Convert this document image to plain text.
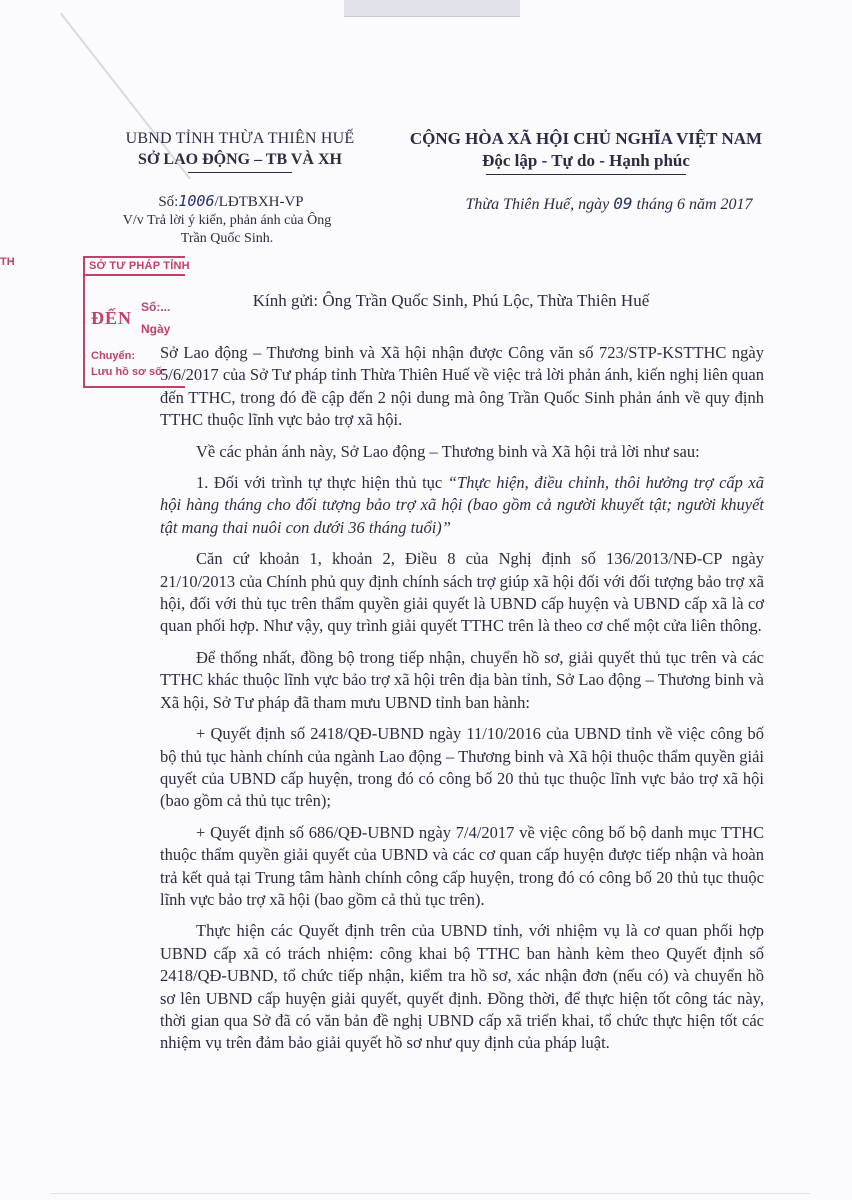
UBND TỈNH THỪA THIÊN HUẾ
SỞ LAO ĐỘNG – TB VÀ XH
CỘNG HÒA XÃ HỘI CHỦ NGHĨA VIỆT NAM
Độc lập - Tự do - Hạnh phúc
Số:1006/LĐTBXH-VP
V/v Trả lời ý kiến, phản ánh của Ông
Trần Quốc Sinh.
Thừa Thiên Huế, ngày 09 tháng 6 năm 2017
TH	SỞ TƯ PHÁP TỈNH
ĐẾN
Số:...
Ngày
Chuyển:
Lưu hồ sơ số:
Kính gửi: Ông Trần Quốc Sinh, Phú Lộc, Thừa Thiên Huế

Sở Lao động – Thương binh và Xã hội nhận được Công văn số 723/STP-KSTTHC ngày 5/6/2017 của Sở Tư pháp tỉnh Thừa Thiên Huế về việc trả lời phản ánh, kiến nghị liên quan đến TTHC, trong đó đề cập đến 2 nội dung mà ông Trần Quốc Sinh phản ánh về quy định TTHC thuộc lĩnh vực bảo trợ xã hội.

Về các phản ánh này, Sở Lao động – Thương binh và Xã hội trả lời như sau:

1. Đối với trình tự thực hiện thủ tục “Thực hiện, điều chỉnh, thôi hưởng trợ cấp xã hội hàng tháng cho đối tượng bảo trợ xã hội (bao gồm cả người khuyết tật; người khuyết tật mang thai nuôi con dưới 36 tháng tuổi)”

Căn cứ khoản 1, khoản 2, Điều 8 của Nghị định số 136/2013/NĐ-CP ngày 21/10/2013 của Chính phủ quy định chính sách trợ giúp xã hội đối với đối tượng bảo trợ xã hội, đối với thủ tục trên thẩm quyền giải quyết là UBND cấp huyện và UBND cấp xã là cơ quan phối hợp. Như vậy, quy trình giải quyết TTHC trên là theo cơ chế một cửa liên thông.

Để thống nhất, đồng bộ trong tiếp nhận, chuyển hồ sơ, giải quyết thủ tục trên và các TTHC khác thuộc lĩnh vực bảo trợ xã hội trên địa bàn tỉnh, Sở Lao động – Thương binh và Xã hội, Sở Tư pháp đã tham mưu UBND tỉnh ban hành:

+ Quyết định số 2418/QĐ-UBND ngày 11/10/2016 của UBND tỉnh về việc công bố bộ thủ tục hành chính của ngành Lao động – Thương binh và Xã hội thuộc thẩm quyền giải quyết của UBND cấp huyện, trong đó có công bố 20 thủ tục thuộc lĩnh vực bảo trợ xã hội (bao gồm cả thủ tục trên);

+ Quyết định số 686/QĐ-UBND ngày 7/4/2017 về việc công bố bộ danh mục TTHC thuộc thẩm quyền giải quyết của UBND và các cơ quan cấp huyện được tiếp nhận và hoàn trả kết quả tại Trung tâm hành chính công cấp huyện, trong đó có công bố 20 thủ tục thuộc lĩnh vực bảo trợ xã hội (bao gồm cả thủ tục trên).

Thực hiện các Quyết định trên của UBND tỉnh, với nhiệm vụ là cơ quan phối hợp UBND cấp xã có trách nhiệm: công khai bộ TTHC ban hành kèm theo Quyết định số 2418/QĐ-UBND, tổ chức tiếp nhận, kiểm tra hồ sơ, xác nhận đơn (nếu có) và chuyển hồ sơ lên UBND cấp huyện giải quyết, quyết định. Đồng thời, để thực hiện tốt công tác này, thời gian qua Sở đã có văn bản đề nghị UBND cấp xã triển khai, tổ chức thực hiện tốt các nhiệm vụ trên đảm bảo giải quyết hồ sơ như quy định của pháp luật.
